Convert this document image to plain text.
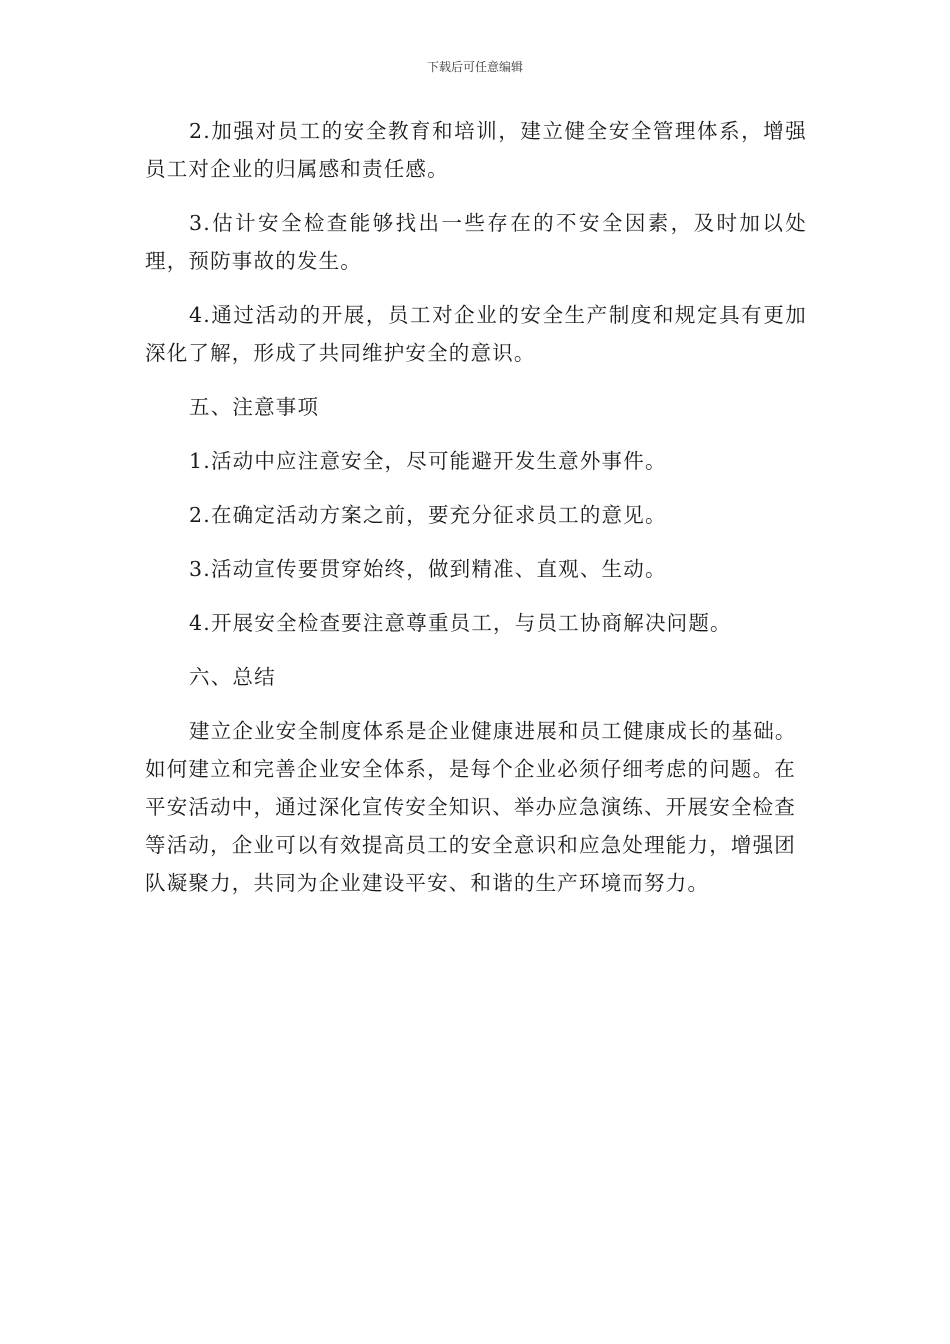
下载后可任意编辑

2.加强对员工的安全教育和培训，建立健全安全管理体系，增强员工对企业的归属感和责任感。

3.估计安全检查能够找出一些存在的不安全因素，及时加以处理，预防事故的发生。

4.通过活动的开展，员工对企业的安全生产制度和规定具有更加深化了解，形成了共同维护安全的意识。

五、注意事项

1.活动中应注意安全，尽可能避开发生意外事件。

2.在确定活动方案之前，要充分征求员工的意见。

3.活动宣传要贯穿始终，做到精准、直观、生动。

4.开展安全检查要注意尊重员工，与员工协商解决问题。

六、总结

建立企业安全制度体系是企业健康进展和员工健康成长的基础。如何建立和完善企业安全体系，是每个企业必须仔细考虑的问题。在平安活动中，通过深化宣传安全知识、举办应急演练、开展安全检查等活动，企业可以有效提高员工的安全意识和应急处理能力，增强团队凝聚力，共同为企业建设平安、和谐的生产环境而努力。
